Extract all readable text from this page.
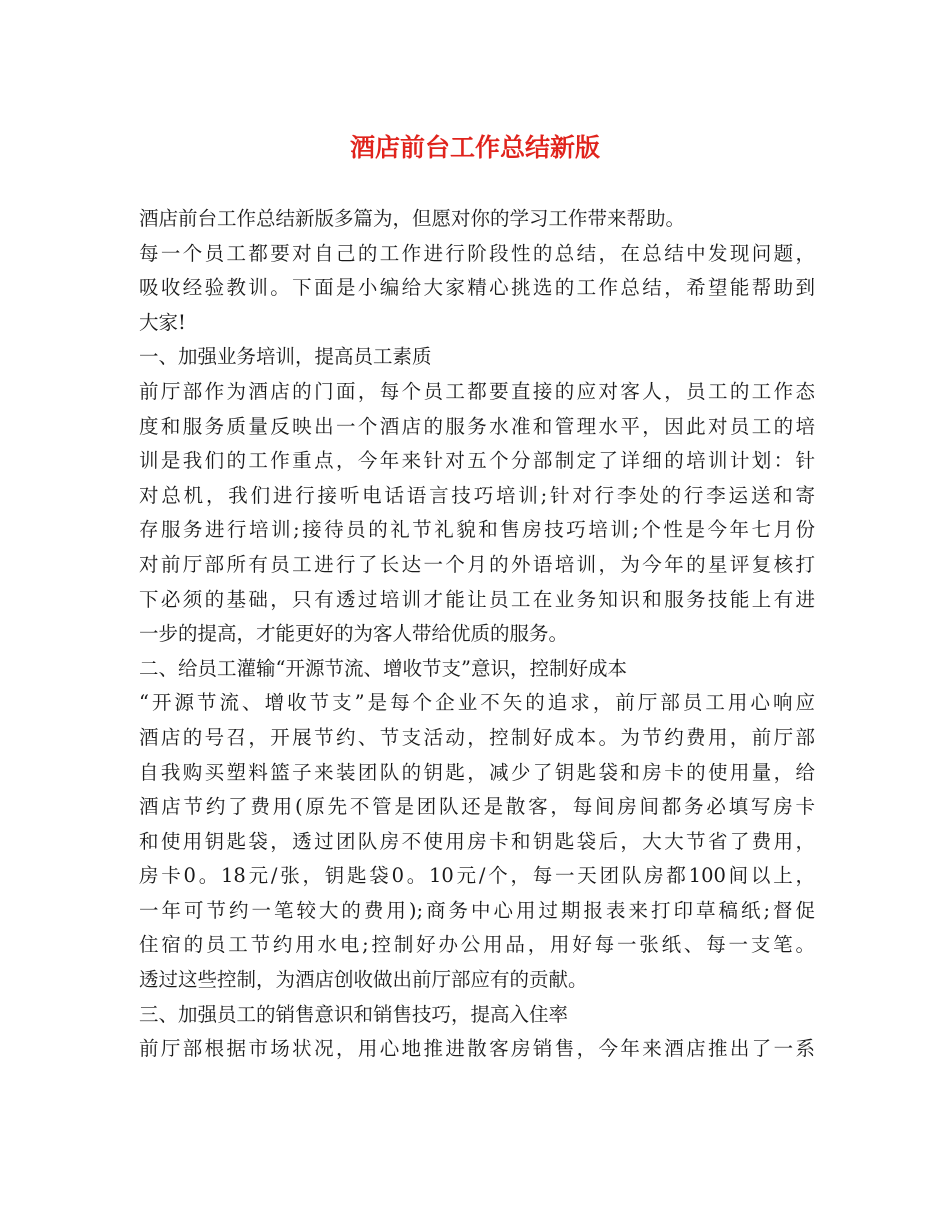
酒店前台工作总结新版
酒店前台工作总结新版多篇为，但愿对你的学习工作带来帮助。
每一个员工都要对自己的工作进行阶段性的总结，在总结中发现问题，
吸收经验教训。下面是小编给大家精心挑选的工作总结，希望能帮助到
大家!
一、加强业务培训，提高员工素质
前厅部作为酒店的门面，每个员工都要直接的应对客人，员工的工作态
度和服务质量反映出一个酒店的服务水准和管理水平，因此对员工的培
训是我们的工作重点，今年来针对五个分部制定了详细的培训计划：针
对总机，我们进行接听电话语言技巧培训;针对行李处的行李运送和寄
存服务进行培训;接待员的礼节礼貌和售房技巧培训;个性是今年七月份
对前厅部所有员工进行了长达一个月的外语培训，为今年的星评复核打
下必须的基础，只有透过培训才能让员工在业务知识和服务技能上有进
一步的提高，才能更好的为客人带给优质的服务。
二、给员工灌输“开源节流、增收节支”意识，控制好成本
“开源节流、增收节支”是每个企业不矢的追求，前厅部员工用心响应
酒店的号召，开展节约、节支活动，控制好成本。为节约费用，前厅部
自我购买塑料篮子来装团队的钥匙，减少了钥匙袋和房卡的使用量，给
酒店节约了费用(原先不管是团队还是散客，每间房间都务必填写房卡
和使用钥匙袋，透过团队房不使用房卡和钥匙袋后，大大节省了费用，
房卡0。18元/张，钥匙袋0。10元/个，每一天团队房都100间以上，
一年可节约一笔较大的费用);商务中心用过期报表来打印草稿纸;督促
住宿的员工节约用水电;控制好办公用品，用好每一张纸、每一支笔。
透过这些控制，为酒店创收做出前厅部应有的贡献。
三、加强员工的销售意识和销售技巧，提高入住率
前厅部根据市场状况，用心地推进散客房销售，今年来酒店推出了一系
